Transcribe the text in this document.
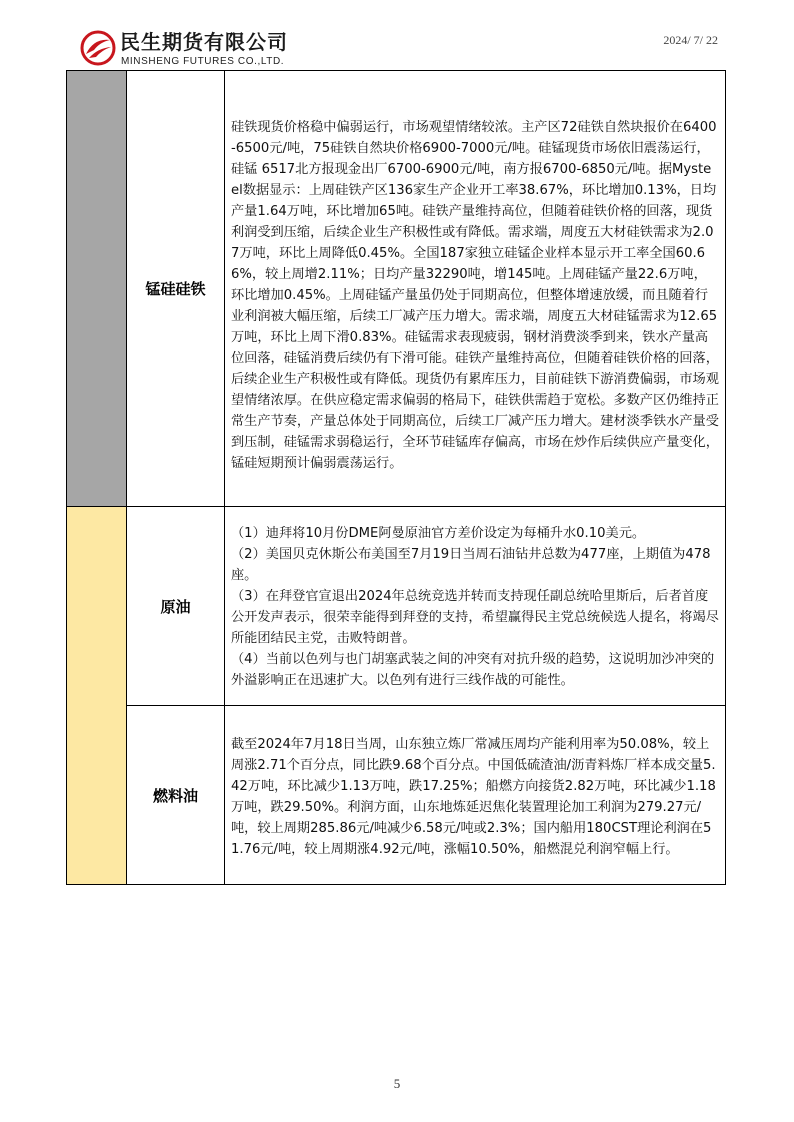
民生期货有限公司
MINSHENG FUTURES CO.,LTD.
2024/ 7/ 22
	锰硅硅铁	硅铁现货价格稳中偏弱运行，市场观望情绪较浓。主产区72硅铁自然块报价在6400-6500元/吨，75硅铁自然块价格6900-7000元/吨。硅锰现货市场依旧震荡运行，硅锰 6517北方报现金出厂6700-6900元/吨，南方报6700-6850元/吨。据Mysteel数据显示：上周硅铁产区136家生产企业开工率38.67%，环比增加0.13%，日均产量1.64万吨，环比增加65吨。硅铁产量维持高位，但随着硅铁价格的回落，现货利润受到压缩，后续企业生产积极性或有降低。需求端，周度五大材硅铁需求为2.07万吨，环比上周降低0.45%。全国187家独立硅锰企业样本显示开工率全国60.66%，较上周增2.11%；日均产量32290吨，增145吨。上周硅锰产量22.6万吨，环比增加0.45%。上周硅锰产量虽仍处于同期高位，但整体增速放缓，而且随着行业利润被大幅压缩，后续工厂减产压力增大。需求端，周度五大材硅锰需求为12.65万吨，环比上周下滑0.83%。硅锰需求表现疲弱，钢材消费淡季到来，铁水产量高位回落，硅锰消费后续仍有下滑可能。硅铁产量维持高位，但随着硅铁价格的回落，后续企业生产积极性或有降低。现货仍有累库压力，目前硅铁下游消费偏弱，市场观望情绪浓厚。在供应稳定需求偏弱的格局下，硅铁供需趋于宽松。多数产区仍维持正常生产节奏，产量总体处于同期高位，后续工厂减产压力增大。建材淡季铁水产量受到压制，硅锰需求弱稳运行，全环节硅锰库存偏高，市场在炒作后续供应产量变化，锰硅短期预计偏弱震荡运行。

	原油	（1）迪拜将10月份DME阿曼原油官方差价设定为每桶升水0.10美元。

（2）美国贝克休斯公布美国至7月19日当周石油钻井总数为477座，上期值为478座。

（3）在拜登官宣退出2024年总统竞选并转而支持现任副总统哈里斯后，后者首度公开发声表示，很荣幸能得到拜登的支持，希望赢得民主党总统候选人提名，将竭尽所能团结民主党，击败特朗普。

（4）当前以色列与也门胡塞武装之间的冲突有对抗升级的趋势，这说明加沙冲突的外溢影响正在迅速扩大。以色列有进行三线作战的可能性。

	燃料油	截至2024年7月18日当周，山东独立炼厂常减压周均产能利用率为50.08%，较上周涨2.71个百分点，同比跌9.68个百分点。中国低硫渣油/沥青料炼厂样本成交量5.42万吨，环比减少1.13万吨，跌17.25%；船燃方向接货2.82万吨，环比减少1.18万吨，跌29.50%。利润方面，山东地炼延迟焦化装置理论加工利润为279.27元/吨，较上周期285.86元/吨减少6.58元/吨或2.3%；国内船用180CST理论利润在51.76元/吨，较上周期涨4.92元/吨，涨幅10.50%，船燃混兑利润窄幅上行。
5
